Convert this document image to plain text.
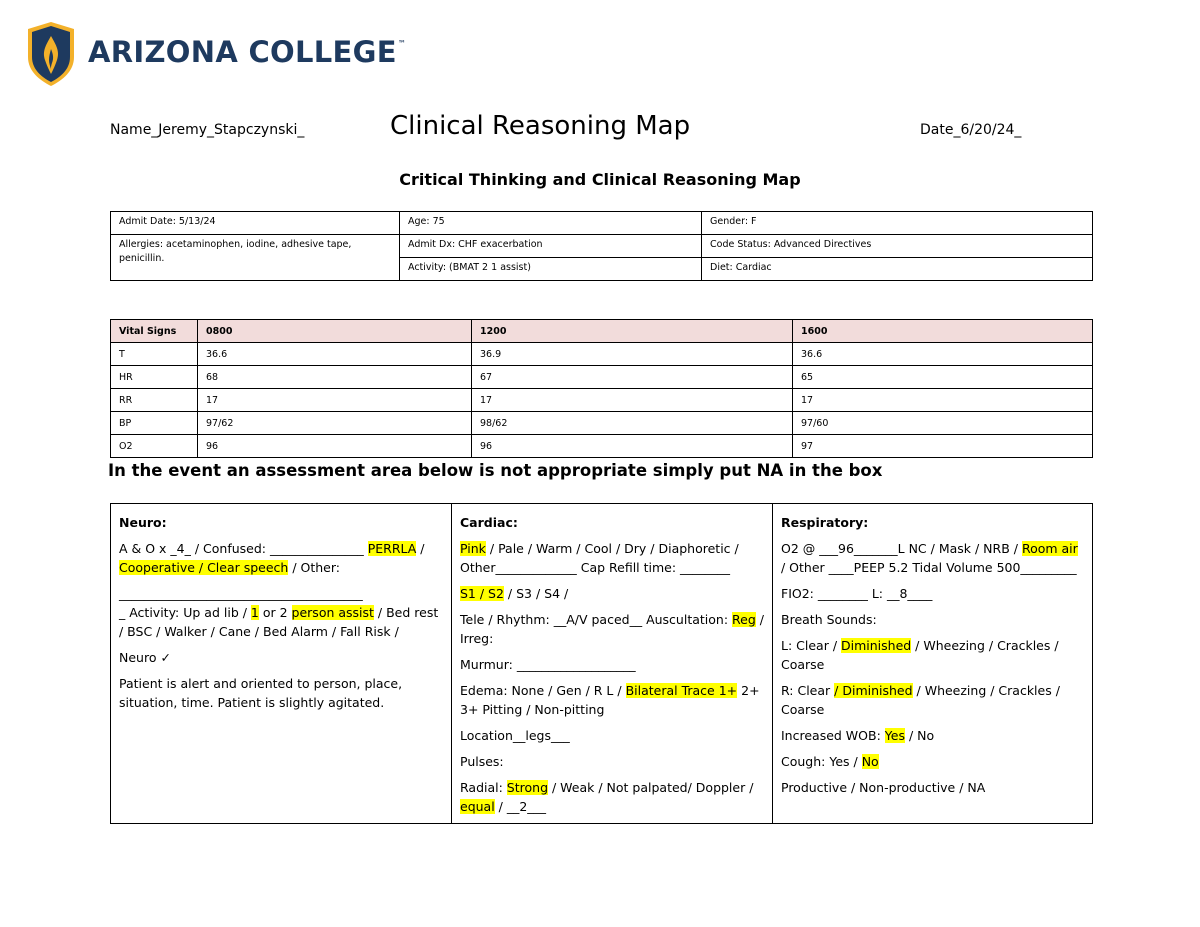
ARIZONA COLLEGE™
Name_Jeremy_Stapczynski_	Clinical Reasoning Map	Date_6/20/24_
Critical Thinking and Clinical Reasoning Map
Admit Date: 5/13/24	Age: 75	Gender: F
Allergies: acetaminophen, iodine, adhesive tape, penicillin.	Admit Dx: CHF exacerbation	Code Status: Advanced Directives
	Activity: (BMAT 2 1 assist)	Diet: Cardiac
Vital Signs	0800	1200	1600
T	36.6	36.9	36.6
HR	68	67	65
RR	17	17	17
BP	97/62	98/62	97/60
O2	96	96	97
In the event an assessment area below is not appropriate simply put NA in the box

Neuro:

A & O x _4_ / Confused: _______________ PERRLA /
Cooperative / Clear speech / Other:

_______________________________________
_ Activity: Up ad lib / 1 or 2 person assist / Bed rest / BSC / Walker / Cane / Bed Alarm / Fall Risk /

Neuro ✓

Patient is alert and oriented to person, place, situation, time. Patient is slightly agitated.

Cardiac:

Pink / Pale / Warm / Cool / Dry / Diaphoretic / Other_____________ Cap Refill time: ________

S1 / S2 / S3 / S4 /

Tele / Rhythm: __A/V paced__ Auscultation: Reg / Irreg:

Murmur: ___________________

Edema: None / Gen / R L / Bilateral Trace 1+ 2+ 3+ Pitting / Non-pitting

Location__legs___

Pulses:

Radial: Strong / Weak / Not palpated/ Doppler / equal / __2___

Respiratory:

O2 @ ___96_______L NC / Mask / NRB / Room air / Other ____PEEP 5.2 Tidal Volume 500_________

FIO2: ________ L: __8____

Breath Sounds:

L: Clear / Diminished / Wheezing / Crackles / Coarse

R: Clear / Diminished / Wheezing / Crackles / Coarse

Increased WOB: Yes / No

Cough: Yes / No

Productive / Non-productive / NA
